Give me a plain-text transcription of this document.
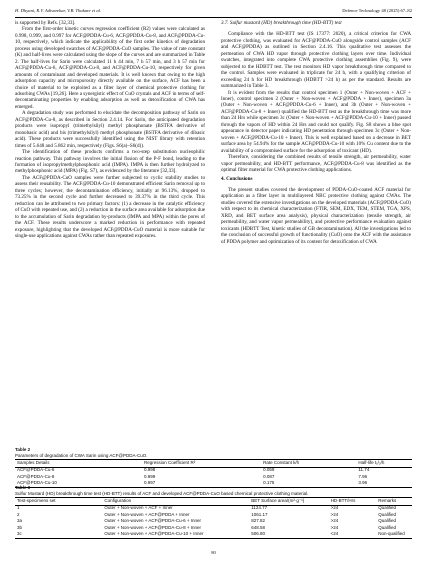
H. Dhyani, R.V. Adivarekar, V.B. Thakare et al.	Defence Technology 48 (2025) 67–82

is supported by Refs. [32,33].

From the first-order kinetic curves regression coefficient (R2) values were calculated as 0.998, 0.999, and 0.997 for ACF@PDDA-Cu-6, ACF@PDDA-Cu-8, and ACF@PDDA-Cu-10, respectively, which indicate the applicability of the first order kinetics of degradation process using developed swatches of ACF@PDDA-CuO samples. The value of rate constant (K) and half-lives were calculated using the slope of the curves and are summarized in Table 2. The half-lives for Sarin were calculated 11 h 44 min, 7 h 57 min, and 3 h 57 min for ACF@PDDA-Cu-6, ACF@PDDA-Cu-8, and ACF@PDDA-Cu-10, respectively for given amounts of contaminant and developed materials. It is well known that owing to the high adsorption capacity and microporosity directly available on the surface, ACF has been a choice of material to be exploited as a filter layer of chemical protective clothing for adsorbing CWAs [19,26]. Here a synergistic effect of CuO crystals and ACF in terms of self-decontaminating properties by enabling adsorption as well as detoxification of CWA has emerged.

A degradation study was performed to elucidate the decomposition pathway of Sarin on ACF@PDDA-Cu-8, as described in Section 2.4.14. For Sarin, the anticipated degradation products were isopropyl (trimethylsilyl) methyl phosphonate (BSTFA derivative of monobasic acid) and bis (trimethylsilyl) methyl phosphonate (BSTFA derivative of dibasic acid). These products were successfully identified using the NIST library with retention times of 5.648 and 5.862 min, respectively (Figs. S6(a)–S6(d)).

The identification of these products confirms a two-step substitution nucleophilic reaction pathway. This pathway involves the initial fission of the P-F bond, leading to the formation of isopropylmethylphosphonic acid (IMPA). IMPA is then further hydrolyzed to methylphosphonic acid (MPA) (Fig. S7), as evidenced by the literature [32,33].

The ACF@PDDA-CuO samples were further subjected to cyclic stability studies to assess their reusability. The ACF@PDDA-Cu-10 demonstrated efficient Sarin removal up to three cycles; however, the decontamination efficiency, initially at 96.13%, dropped to 73.25% in the second cycle and further decreased to 39.37% in the third cycle. This reduction can be attributed to two primary factors: (1) a decrease in the catalytic efficiency of CuO with repeated use, and (2) a reduction in the surface area available for adsorption due to the accumulation of Sarin degradation by-products (IMPA and MPA) within the pores of the ACF. These results underscore a marked reduction in performance with repeated exposure, highlighting that the developed ACF@PDDA-CuO material is more suitable for single-use applications against CWAs rather than repeated exposures.

3.7. Sulfur mustard (HD) breakthrough time (HD-BTT) test

Compliance with the HD-BTT test (IS 17377: 2020), a critical criterion for CWA protective clothing, was evaluated for ACF@PDDA-CuO alongside control samples (ACF and ACF@PDDA) as outlined in Section 2.4.16. This qualitative test assesses the permeation of CWA HD vapor through protective clothing layers over time. Individual swatches, integrated into complete CWA protective clothing assemblies (Fig. 9), were subjected to the HDBTT test. The test monitors HD vapor breakthrough time compared to the control. Samples were evaluated in triplicate for 24 h, with a qualifying criterion of exceeding 24 h for HD breakthrough (HDBTT >24 h) as per the standard. Results are summarized in Table 3.

It is evident from the results that control specimen 1 (Outer + Non-woven + ACF + Inner), control specimen 2 (Outer + Non-woven + ACF@PDDA + Inner), specimen 3a (Outer + Non-woven + ACF@PDDA-Cu-6 + Inner), and 3b (Outer + Non-woven + ACF@PDDA-Cu-8 + Inner) qualified the HD-BTT test as the breakthrough time was more than 24 Hrs while specimen 3c (Outer + Non-woven + ACF@PDDA-Cu-10 + Inner) passed through the vapors of HD within 24 Hrs and could not qualify. Fig. S8 shows a blue spot appearance in detector paper indicating HD penetration through specimen 3c (Outer + Non-woven + ACF@PDDA-Cu-10 + Inner). This is well explained based on a decrease in BET surface area by 54.94% for the sample ACF@PDDA-Cu-10 with 10% Cu content due to the availability of a compromised surface for the adsorption of toxicant (HD).

Therefore, considering the combined results of tensile strength, air permeability, water vapor permeability, and HD-BTT performance, ACF@PDDA-Cu-8 was identified as the optimal filter material for CWA protective clothing applications.

4. Conclusions

The present studies covered the development of PDDA-CuO-coated ACF material for application as a filter layer in multilayered NBC protective clothing against CWAs. The studies covered the extensive investigations on the developed materials (ACF@PDDA-CuO) with respect to its chemical characterization (FTIR, SEM, EDX, TEM, STEM, TGA, XPS, XRD, and BET surface area analysis), physical characterization (tensile strength, air permeability, and water vapor permeability), and protective performance evaluation against toxicants (HDBTT Test, kinetic studies of GB decontamination). All the investigations led to the conclusion of successful growth of functionality (CuO) onto the ACF with the assistance of PDDA polymer and optimization of its content for detoxification of CWA

Table 2
Parameters of degradation of CWA Sarin using ACF@PDDA-CuO.
Samples Details	Regression Coefficient R²	Rate Constant k/h	Half-life t₁/₂/h
ACF@PDDA-Cu-6	0.998	0.059	11.74
ACF@PDDA-Cu-8	0.999	0.087	7.96
ACF@PDDA-Cu-10	0.997	0.175	3.96
Table 3
Sulfur Mustard (HD) breakthrough time test (HD-BTT) results of ACF and developed ACF@PDDA-CuO based chemical protective clothing material.
Test-specimens set	Configuration	BET Surface area/(m²·g⁻¹)	HD-BTT/Hrs	Remarks
1	Outer + Non-woven + ACF + Inner	1124.77	>24	Qualified
2	Outer + Non-woven + ACF@PDDA + Inner	1061.17	>24	Qualified
3a	Outer + Non-woven + ACF@PDDA-Cu-6 + Inner	827.82	>24	Qualified
3b	Outer + Non-woven + ACF@PDDA-Cu-8 + Inner	648.58	>24	Qualified
3c	Outer + Non-woven + ACF@PDDA-Cu-10 + Inner	506.80	<24	Non-qualified
80
